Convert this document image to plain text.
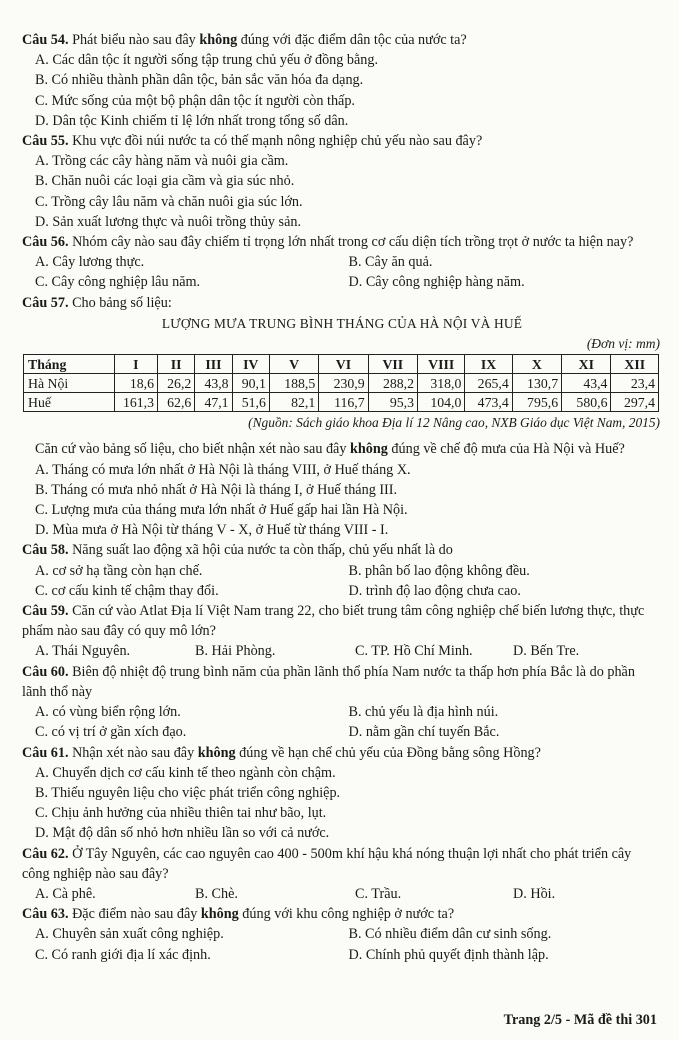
Câu 54. Phát biểu nào sau đây không đúng với đặc điểm dân tộc của nước ta?

A. Các dân tộc ít người sống tập trung chủ yếu ở đồng bằng.

B. Có nhiều thành phần dân tộc, bản sắc văn hóa đa dạng.

C. Mức sống của một bộ phận dân tộc ít người còn thấp.

D. Dân tộc Kinh chiếm tỉ lệ lớn nhất trong tổng số dân.

Câu 55. Khu vực đồi núi nước ta có thế mạnh nông nghiệp chủ yếu nào sau đây?

A. Trồng các cây hàng năm và nuôi gia cầm.

B. Chăn nuôi các loại gia cầm và gia súc nhỏ.

C. Trồng cây lâu năm và chăn nuôi gia súc lớn.

D. Sản xuất lương thực và nuôi trồng thủy sản.

Câu 56. Nhóm cây nào sau đây chiếm tỉ trọng lớn nhất trong cơ cấu diện tích trồng trọt ở nước ta hiện nay?

A. Cây lương thực.	B. Cây ăn quả.
C. Cây công nghiệp lâu năm.	D. Cây công nghiệp hàng năm.

Câu 57. Cho bảng số liệu:

LƯỢNG MƯA TRUNG BÌNH THÁNG CỦA HÀ NỘI VÀ HUẾ
(Đơn vị: mm)
Tháng	I	II	III	IV	V	VI	VII	VIII	IX	X	XI	XII
Hà Nội	18,6	26,2	43,8	90,1	188,5	230,9	288,2	318,0	265,4	130,7	43,4	23,4
Huế	161,3	62,6	47,1	51,6	82,1	116,7	95,3	104,0	473,4	795,6	580,6	297,4
(Nguồn: Sách giáo khoa Địa lí 12 Nâng cao, NXB Giáo dục Việt Nam, 2015)

Căn cứ vào bảng số liệu, cho biết nhận xét nào sau đây không đúng về chế độ mưa của Hà Nội và Huế?

A. Tháng có mưa lớn nhất ở Hà Nội là tháng VIII, ở Huế tháng X.

B. Tháng có mưa nhỏ nhất ở Hà Nội là tháng I, ở Huế tháng III.

C. Lượng mưa của tháng mưa lớn nhất ở Huế gấp hai lần Hà Nội.

D. Mùa mưa ở Hà Nội từ tháng V - X, ở Huế từ tháng VIII - I.

Câu 58. Năng suất lao động xã hội của nước ta còn thấp, chủ yếu nhất là do

A. cơ sở hạ tầng còn hạn chế.	B. phân bố lao động không đều.
C. cơ cấu kinh tế chậm thay đổi.	D. trình độ lao động chưa cao.

Câu 59. Căn cứ vào Atlat Địa lí Việt Nam trang 22, cho biết trung tâm công nghiệp chế biến lương thực, thực phẩm nào sau đây có quy mô lớn?

A. Thái Nguyên.	B. Hải Phòng.	C. TP. Hồ Chí Minh.	D. Bến Tre.

Câu 60. Biên độ nhiệt độ trung bình năm của phần lãnh thổ phía Nam nước ta thấp hơn phía Bắc là do phần lãnh thổ này

A. có vùng biển rộng lớn.	B. chủ yếu là địa hình núi.
C. có vị trí ở gần xích đạo.	D. nằm gần chí tuyến Bắc.

Câu 61. Nhận xét nào sau đây không đúng về hạn chế chủ yếu của Đồng bằng sông Hồng?

A. Chuyển dịch cơ cấu kinh tế theo ngành còn chậm.

B. Thiếu nguyên liệu cho việc phát triển công nghiệp.

C. Chịu ảnh hưởng của nhiều thiên tai như bão, lụt.

D. Mật độ dân số nhỏ hơn nhiều lần so với cả nước.

Câu 62. Ở Tây Nguyên, các cao nguyên cao 400 - 500m khí hậu khá nóng thuận lợi nhất cho phát triển cây công nghiệp nào sau đây?

A. Cà phê.	B. Chè.	C. Trầu.	D. Hồi.

Câu 63. Đặc điểm nào sau đây không đúng với khu công nghiệp ở nước ta?

A. Chuyên sản xuất công nghiệp.	B. Có nhiều điểm dân cư sinh sống.
C. Có ranh giới địa lí xác định.	D. Chính phủ quyết định thành lập.
Trang 2/5 - Mã đề thi 301
